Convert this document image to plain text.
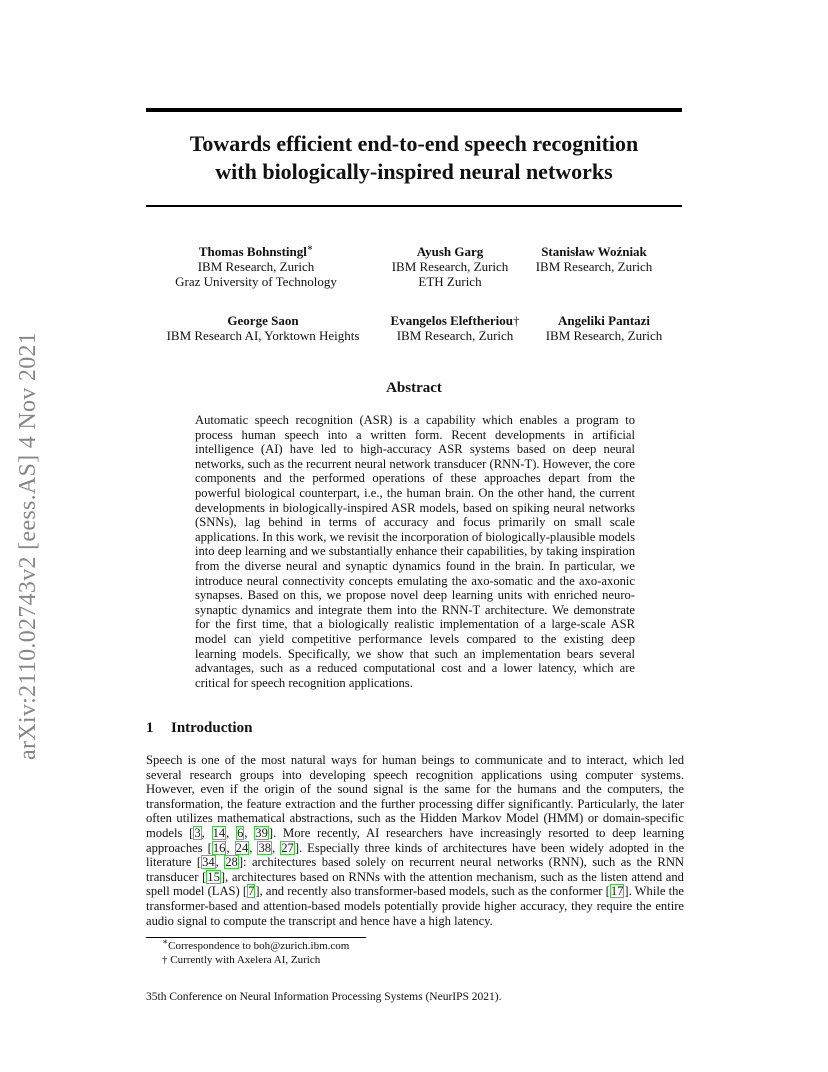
arXiv:2110.02743v2 [eess.AS] 4 Nov 2021
Towards efficient end-to-end speech recognition
with biologically-inspired neural networks
Thomas Bohnstingl∗
IBM Research, Zurich
Graz University of Technology
Ayush Garg
IBM Research, Zurich
ETH Zurich
Stanisław Woźniak
IBM Research, Zurich
George Saon
IBM Research AI, Yorktown Heights
Evangelos Eleftheriou†
IBM Research, Zurich
Angeliki Pantazi
IBM Research, Zurich
Abstract
Automatic speech recognition (ASR) is a capability which enables a program to process human speech into a written form. Recent developments in artificial intelligence (AI) have led to high-accuracy ASR systems based on deep neural networks, such as the recurrent neural network transducer (RNN-T). However, the core components and the performed operations of these approaches depart from the powerful biological counterpart, i.e., the human brain. On the other hand, the current developments in biologically-inspired ASR models, based on spiking neural networks (SNNs), lag behind in terms of accuracy and focus primarily on small scale applications. In this work, we revisit the incorporation of biologically-plausible models into deep learning and we substantially enhance their capabilities, by taking inspiration from the diverse neural and synaptic dynamics found in the brain. In particular, we introduce neural connectivity concepts emulating the axo-somatic and the axo-axonic synapses. Based on this, we propose novel deep learning units with enriched neuro-synaptic dynamics and integrate them into the RNN-T architecture. We demonstrate for the first time, that a biologically realistic implementation of a large-scale ASR model can yield competitive performance levels compared to the existing deep learning models. Specifically, we show that such an implementation bears several advantages, such as a reduced computational cost and a lower latency, which are critical for speech recognition applications.
1 Introduction
Speech is one of the most natural ways for human beings to communicate and to interact, which led several research groups into developing speech recognition applications using computer systems. However, even if the origin of the sound signal is the same for the humans and the computers, the transformation, the feature extraction and the further processing differ significantly. Particularly, the later often utilizes mathematical abstractions, such as the Hidden Markov Model (HMM) or domain-specific models [3, 14, 6, 39]. More recently, AI researchers have increasingly resorted to deep learning approaches [16, 24, 38, 27]. Especially three kinds of architectures have been widely adopted in the literature [34, 28]: architectures based solely on recurrent neural networks (RNN), such as the RNN transducer [15], architectures based on RNNs with the attention mechanism, such as the listen attend and spell model (LAS) [7], and recently also transformer-based models, such as the conformer [17]. While the transformer-based and attention-based models potentially provide higher accuracy, they require the entire audio signal to compute the transcript and hence have a high latency.
∗Correspondence to boh@zurich.ibm.com
† Currently with Axelera AI, Zurich
35th Conference on Neural Information Processing Systems (NeurIPS 2021).
